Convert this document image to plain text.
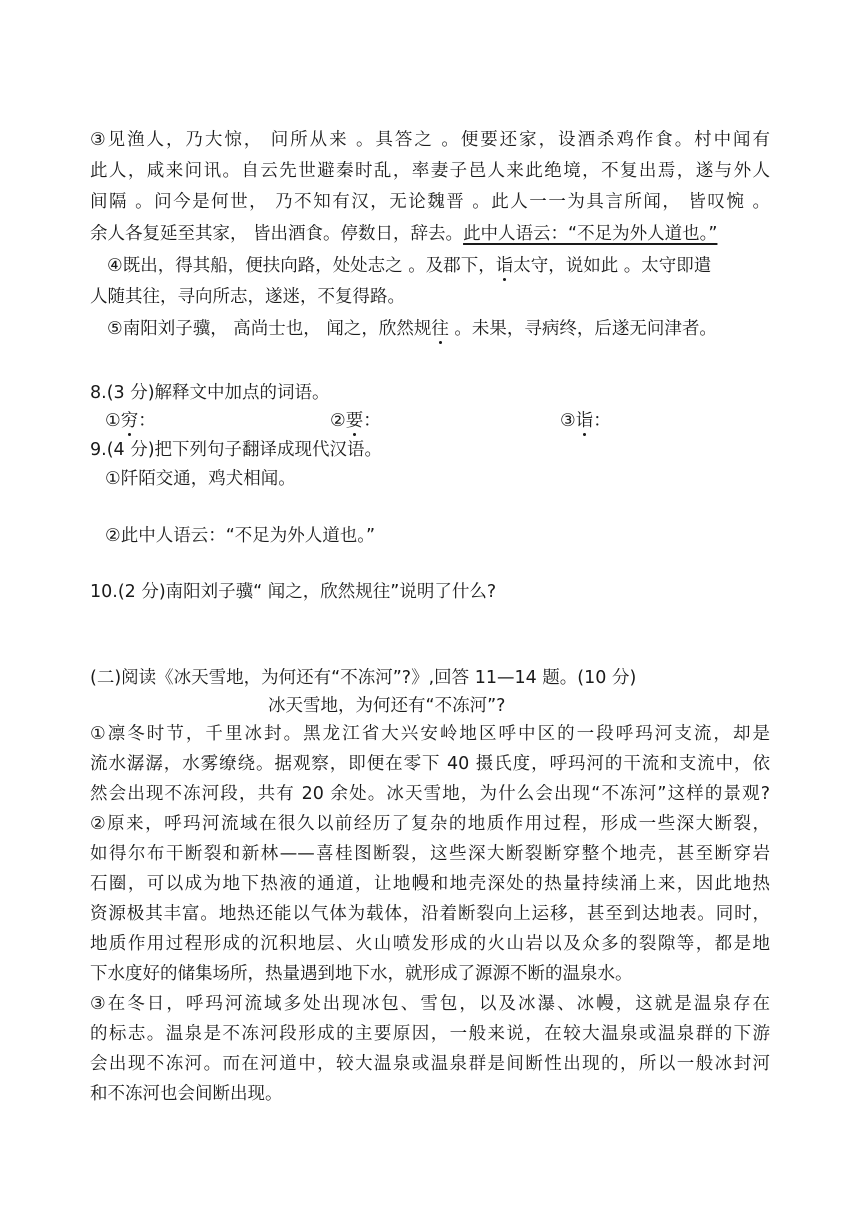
③见渔人，乃大惊， 问所从来 。具答之 。便要还家，设酒杀鸡作食。村中闻有
此人，咸来问讯。自云先世避秦时乱，率妻子邑人来此绝境，不复出焉，遂与外人
间隔 。问今是何世， 乃不知有汉，无论魏晋 。此人一一为具言所闻， 皆叹惋 。
余人各复延至其家， 皆出酒食。停数日，辞去。此中人语云：“不足为外人道也。”
④既出，得其船，便扶向路，处处志之 。及郡下，诣太守，说如此 。太守即遣
人随其往，寻向所志，遂迷，不复得路。
⑤南阳刘子骥， 高尚士也， 闻之，欣然规往 。未果，寻病终，后遂无问津者。
8.(3 分)解释文中加点的词语。
①穷：	②要：	③诣：
9.(4 分)把下列句子翻译成现代汉语。
①阡陌交通，鸡犬相闻。
②此中人语云：“不足为外人道也。”
10.(2 分)南阳刘子骥“ 闻之，欣然规往”说明了什么?
(二)阅读《冰天雪地，为何还有“不冻河”?》,回答 11—14 题。(10 分)
冰天雪地，为何还有“不冻河”?
①凛冬时节，千里冰封。黑龙江省大兴安岭地区呼中区的一段呼玛河支流，却是
流水潺潺，水雾缭绕。据观察，即便在零下 40 摄氏度，呼玛河的干流和支流中，依
然会出现不冻河段，共有 20 余处。冰天雪地，为什么会出现“不冻河”这样的景观?
②原来，呼玛河流域在很久以前经历了复杂的地质作用过程，形成一些深大断裂，
如得尔布干断裂和新林——喜桂图断裂，这些深大断裂断穿整个地壳，甚至断穿岩
石圈，可以成为地下热液的通道，让地幔和地壳深处的热量持续涌上来，因此地热
资源极其丰富。地热还能以气体为载体，沿着断裂向上运移，甚至到达地表。同时，
地质作用过程形成的沉积地层、火山喷发形成的火山岩以及众多的裂隙等，都是地
下水度好的储集场所，热量遇到地下水，就形成了源源不断的温泉水。
③在冬日，呼玛河流域多处出现冰包、雪包，以及冰瀑、冰幔，这就是温泉存在
的标志。温泉是不冻河段形成的主要原因，一般来说，在较大温泉或温泉群的下游
会出现不冻河。而在河道中，较大温泉或温泉群是间断性出现的，所以一般冰封河
和不冻河也会间断出现。
